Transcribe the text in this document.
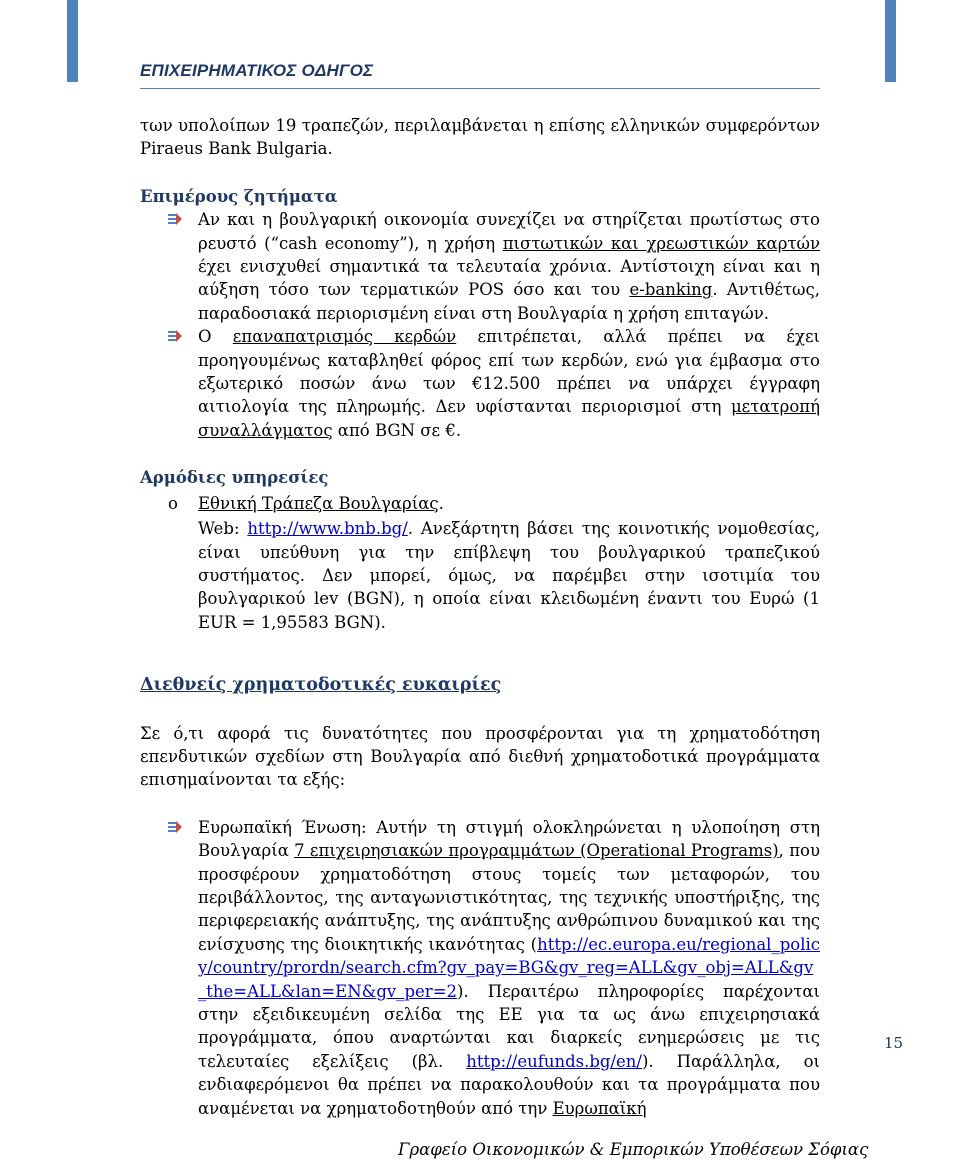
ΕΠΙΧΕΙΡΗΜΑΤΙΚΟΣ ΟΔΗΓΟΣ

των υπολοίπων 19 τραπεζών, περιλαμβάνεται η επίσης ελληνικών συμφερόντων Piraeus Bank Bulgaria.

Επιμέρους ζητήματα

Αν και η βουλγαρική οικονομία συνεχίζει να στηρίζεται πρωτίστως στο ρευστό (“cash economy”), η χρήση πιστωτικών και χρεωστικών καρτών έχει ενισχυθεί σημαντικά τα τελευταία χρόνια. Αντίστοιχη είναι και η αύξηση τόσο των τερματικών POS όσο και του e-banking. Αντιθέτως, παραδοσιακά περιορισμένη είναι στη Βουλγαρία η χρήση επιταγών.
Ο επαναπατρισμός κερδών επιτρέπεται, αλλά πρέπει να έχει προηγουμένως καταβληθεί φόρος επί των κερδών, ενώ για έμβασμα στο εξωτερικό ποσών άνω των €12.500 πρέπει να υπάρχει έγγραφη αιτιολογία της πληρωμής. Δεν υφίστανται περιορισμοί στη μετατροπή συναλλάγματος από BGN σε €.

Αρμόδιες υπηρεσίες

o Εθνική Τράπεζα Βουλγαρίας.
Web: http://www.bnb.bg/. Ανεξάρτητη βάσει της κοινοτικής νομοθεσίας, είναι υπεύθυνη για την επίβλεψη του βουλγαρικού τραπεζικού συστήματος. Δεν μπορεί, όμως, να παρέμβει στην ισοτιμία του βουλγαρικού lev (BGN), η οποία είναι κλειδωμένη έναντι του Ευρώ (1 EUR = 1,95583 BGN).

Διεθνείς χρηματοδοτικές ευκαιρίες

Σε ό,τι αφορά τις δυνατότητες που προσφέρονται για τη χρηματοδότηση επενδυτικών σχεδίων στη Βουλγαρία από διεθνή χρηματοδοτικά προγράμματα επισημαίνονται τα εξής:

Ευρωπαϊκή Ένωση: Αυτήν τη στιγμή ολοκληρώνεται η υλοποίηση στη Βουλγαρία 7 επιχειρησιακών προγραμμάτων (Operational Programs), που προσφέρουν χρηματοδότηση στους τομείς των μεταφορών, του περιβάλλοντος, της ανταγωνιστικότητας, της τεχνικής υποστήριξης, της περιφερειακής ανάπτυξης, της ανάπτυξης ανθρώπινου δυναμικού και της ενίσχυσης της διοικητικής ικανότητας (http://ec.europa.eu/regional_policy/country/prordn/search.cfm?gv_pay=BG&gv_reg=ALL&gv_obj=ALL&gv_the=ALL&lan=EN&gv_per=2). Περαιτέρω πληροφορίες παρέχονται στην εξειδικευμένη σελίδα της ΕΕ για τα ως άνω επιχειρησιακά προγράμματα, όπου αναρτώνται και διαρκείς ενημερώσεις με τις τελευταίες εξελίξεις (βλ. http://eufunds.bg/en/). Παράλληλα, οι ενδιαφερόμενοι θα πρέπει να παρακολουθούν και τα προγράμματα που αναμένεται να χρηματοδοτηθούν από την Ευρωπαϊκή
15
Γραφείο Οικονομικών & Εμπορικών Υποθέσεων Σόφιας
